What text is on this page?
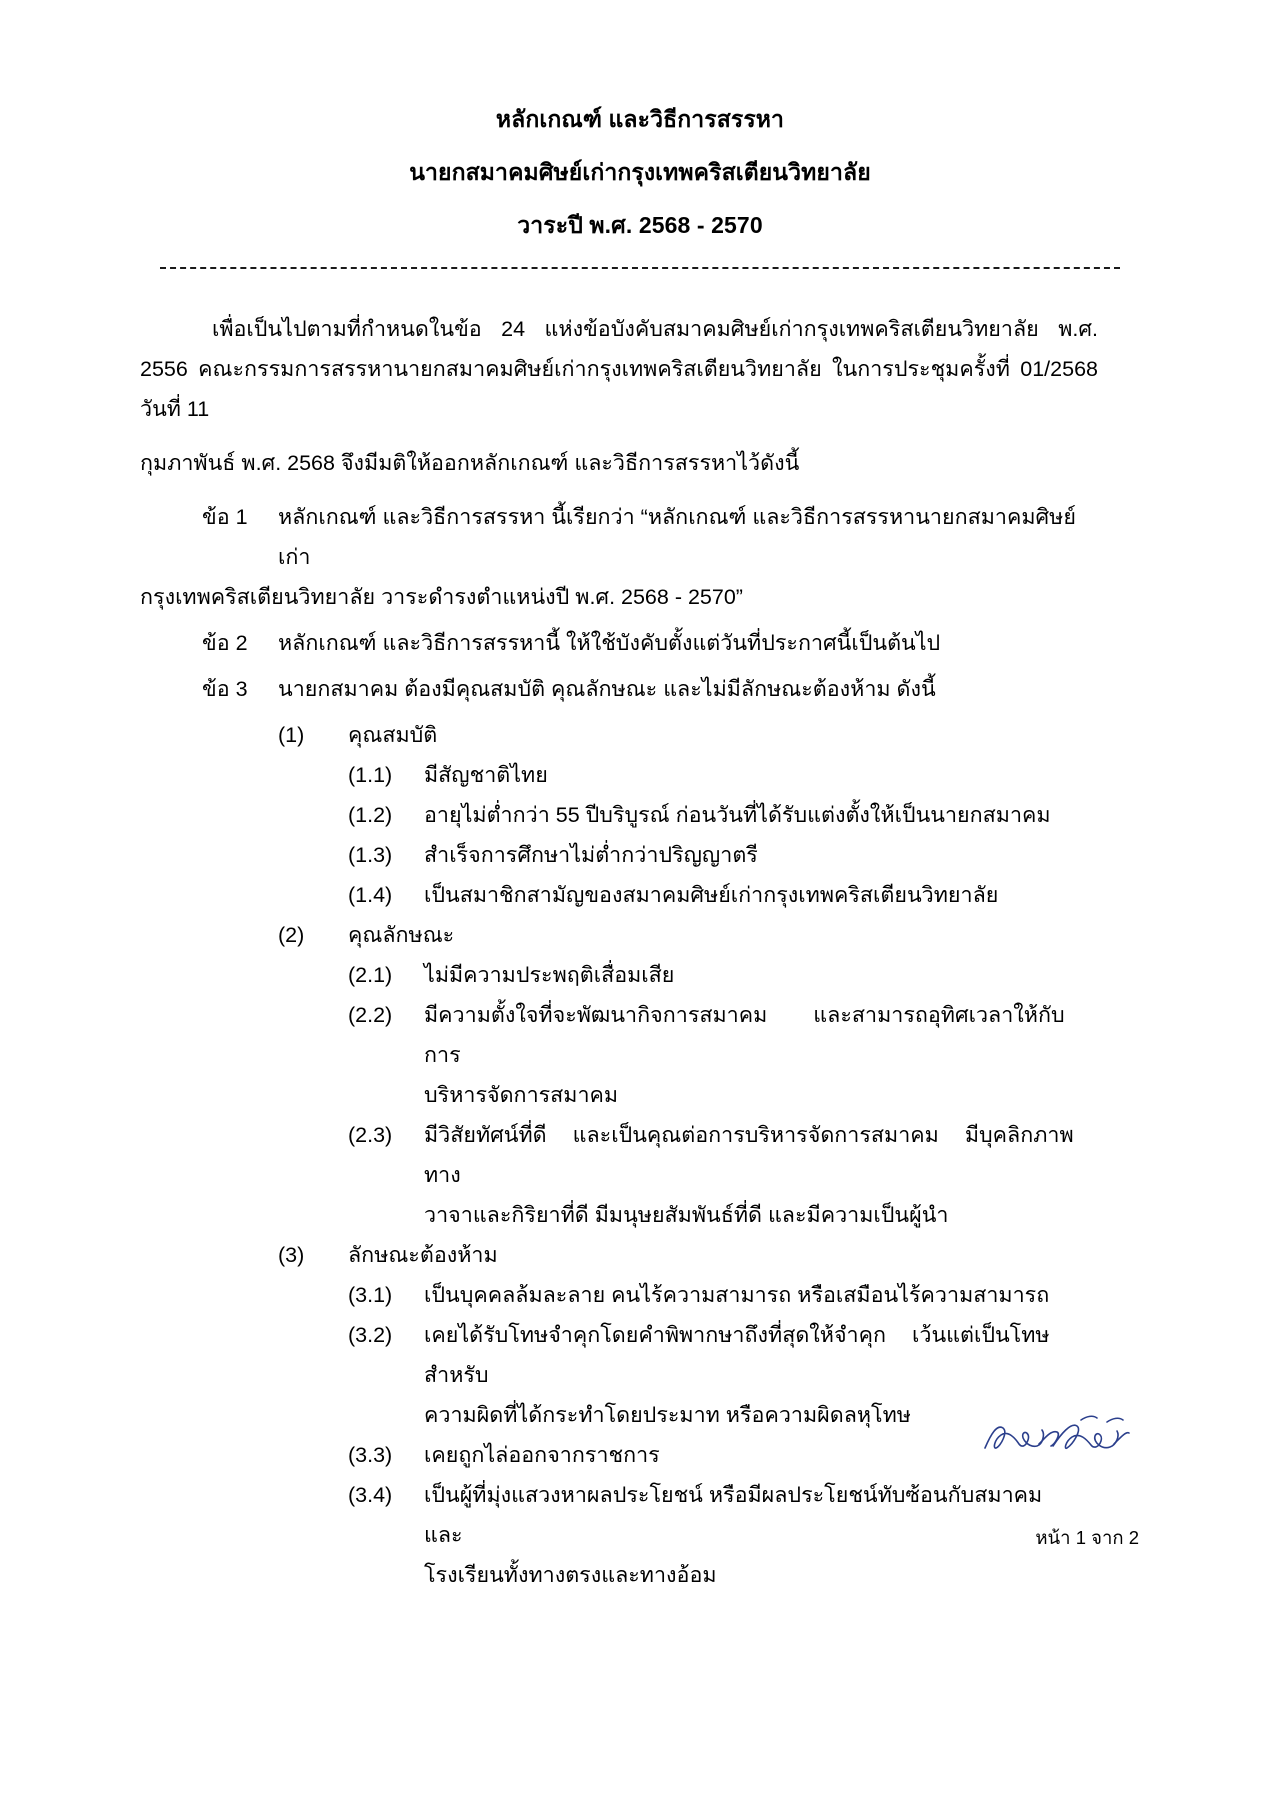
หลักเกณฑ์ และวิธีการสรรหา
นายกสมาคมศิษย์เก่ากรุงเทพคริสเตียนวิทยาลัย
วาระปี พ.ศ. 2568 - 2570

เพื่อเป็นไปตามที่กำหนดในข้อ 24 แห่งข้อบังคับสมาคมศิษย์เก่ากรุงเทพคริสเตียนวิทยาลัย พ.ศ. 2556 คณะกรรมการสรรหานายกสมาคมศิษย์เก่ากรุงเทพคริสเตียนวิทยาลัย ในการประชุมครั้งที่ 01/2568 วันที่ 11

กุมภาพันธ์ พ.ศ. 2568 จึงมีมติให้ออกหลักเกณฑ์ และวิธีการสรรหาไว้ดังนี้

ข้อ 1	หลักเกณฑ์ และวิธีการสรรหา นี้เรียกว่า “หลักเกณฑ์ และวิธีการสรรหานายกสมาคมศิษย์เก่า
กรุงเทพคริสเตียนวิทยาลัย วาระดำรงตำแหน่งปี พ.ศ. 2568 - 2570”
ข้อ 2	หลักเกณฑ์ และวิธีการสรรหานี้ ให้ใช้บังคับตั้งแต่วันที่ประกาศนี้เป็นต้นไป
ข้อ 3	นายกสมาคม ต้องมีคุณสมบัติ คุณลักษณะ และไม่มีลักษณะต้องห้าม ดังนี้
(1)	คุณสมบัติ
(1.1)	มีสัญชาติไทย
(1.2)	อายุไม่ต่ำกว่า 55 ปีบริบูรณ์ ก่อนวันที่ได้รับแต่งตั้งให้เป็นนายกสมาคม
(1.3)	สำเร็จการศึกษาไม่ต่ำกว่าปริญญาตรี
(1.4)	เป็นสมาชิกสามัญของสมาคมศิษย์เก่ากรุงเทพคริสเตียนวิทยาลัย
(2)	คุณลักษณะ
(2.1)	ไม่มีความประพฤติเสื่อมเสีย
(2.2)	มีความตั้งใจที่จะพัฒนากิจการสมาคม และสามารถอุทิศเวลาให้กับการ
บริหารจัดการสมาคม
(2.3)	มีวิสัยทัศน์ที่ดี และเป็นคุณต่อการบริหารจัดการสมาคม มีบุคลิกภาพทาง
วาจาและกิริยาที่ดี มีมนุษยสัมพันธ์ที่ดี และมีความเป็นผู้นำ
(3)	ลักษณะต้องห้าม
(3.1)	เป็นบุคคลล้มละลาย คนไร้ความสามารถ หรือเสมือนไร้ความสามารถ
(3.2)	เคยได้รับโทษจำคุกโดยคำพิพากษาถึงที่สุดให้จำคุก เว้นแต่เป็นโทษสำหรับ
ความผิดที่ได้กระทำโดยประมาท หรือความผิดลหุโทษ
(3.3)	เคยถูกไล่ออกจากราชการ
(3.4)	เป็นผู้ที่มุ่งแสวงหาผลประโยชน์ หรือมีผลประโยชน์ทับซ้อนกับสมาคมและ
โรงเรียนทั้งทางตรงและทางอ้อม
หน้า 1 จาก 2
